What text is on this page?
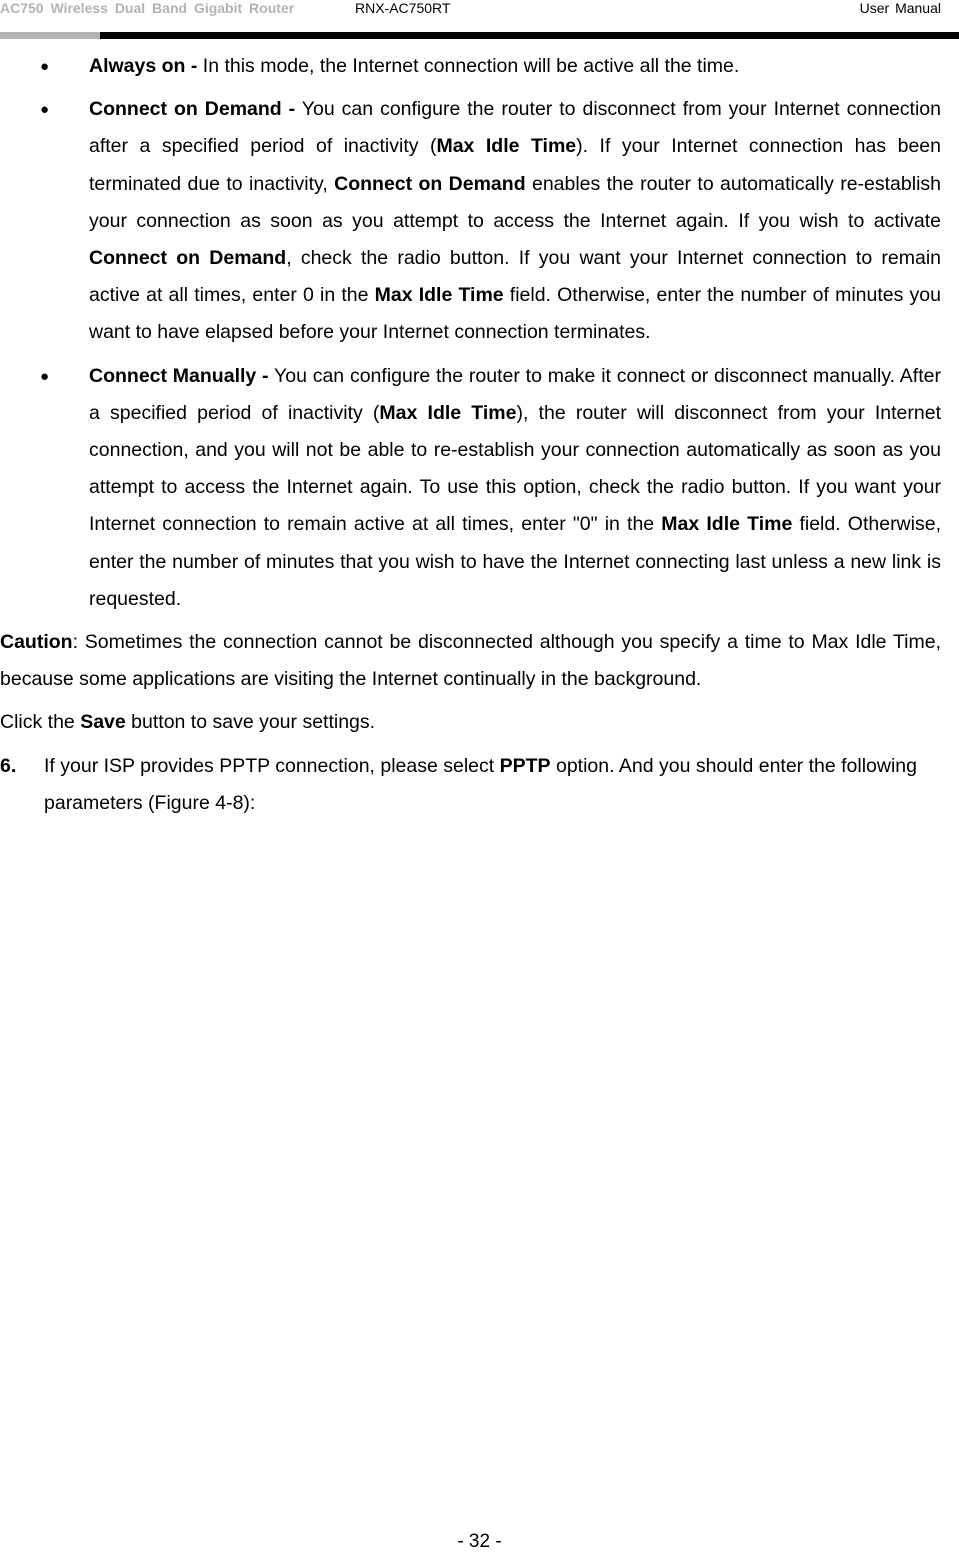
AC750 Wireless Dual Band Gigabit Router	RNX-AC750RT	User Manual
● Always on - In this mode, the Internet connection will be active all the time.
● Connect on Demand - You can configure the router to disconnect from your Internet connection after a specified period of inactivity (Max Idle Time). If your Internet connection has been terminated due to inactivity, Connect on Demand enables the router to automatically re-establish your connection as soon as you attempt to access the Internet again. If you wish to activate Connect on Demand, check the radio button. If you want your Internet connection to remain active at all times, enter 0 in the Max Idle Time field. Otherwise, enter the number of minutes you want to have elapsed before your Internet connection terminates.
● Connect Manually - You can configure the router to make it connect or disconnect manually. After a specified period of inactivity (Max Idle Time), the router will disconnect from your Internet connection, and you will not be able to re-establish your connection automatically as soon as you attempt to access the Internet again. To use this option, check the radio button. If you want your Internet connection to remain active at all times, enter "0" in the Max Idle Time field. Otherwise, enter the number of minutes that you wish to have the Internet connecting last unless a new link is requested.
Caution: Sometimes the connection cannot be disconnected although you specify a time to Max Idle Time, because some applications are visiting the Internet continually in the background.
Click the Save button to save your settings.
6. If your ISP provides PPTP connection, please select PPTP option. And you should enter the following parameters (Figure 4-8):
- 32 -
